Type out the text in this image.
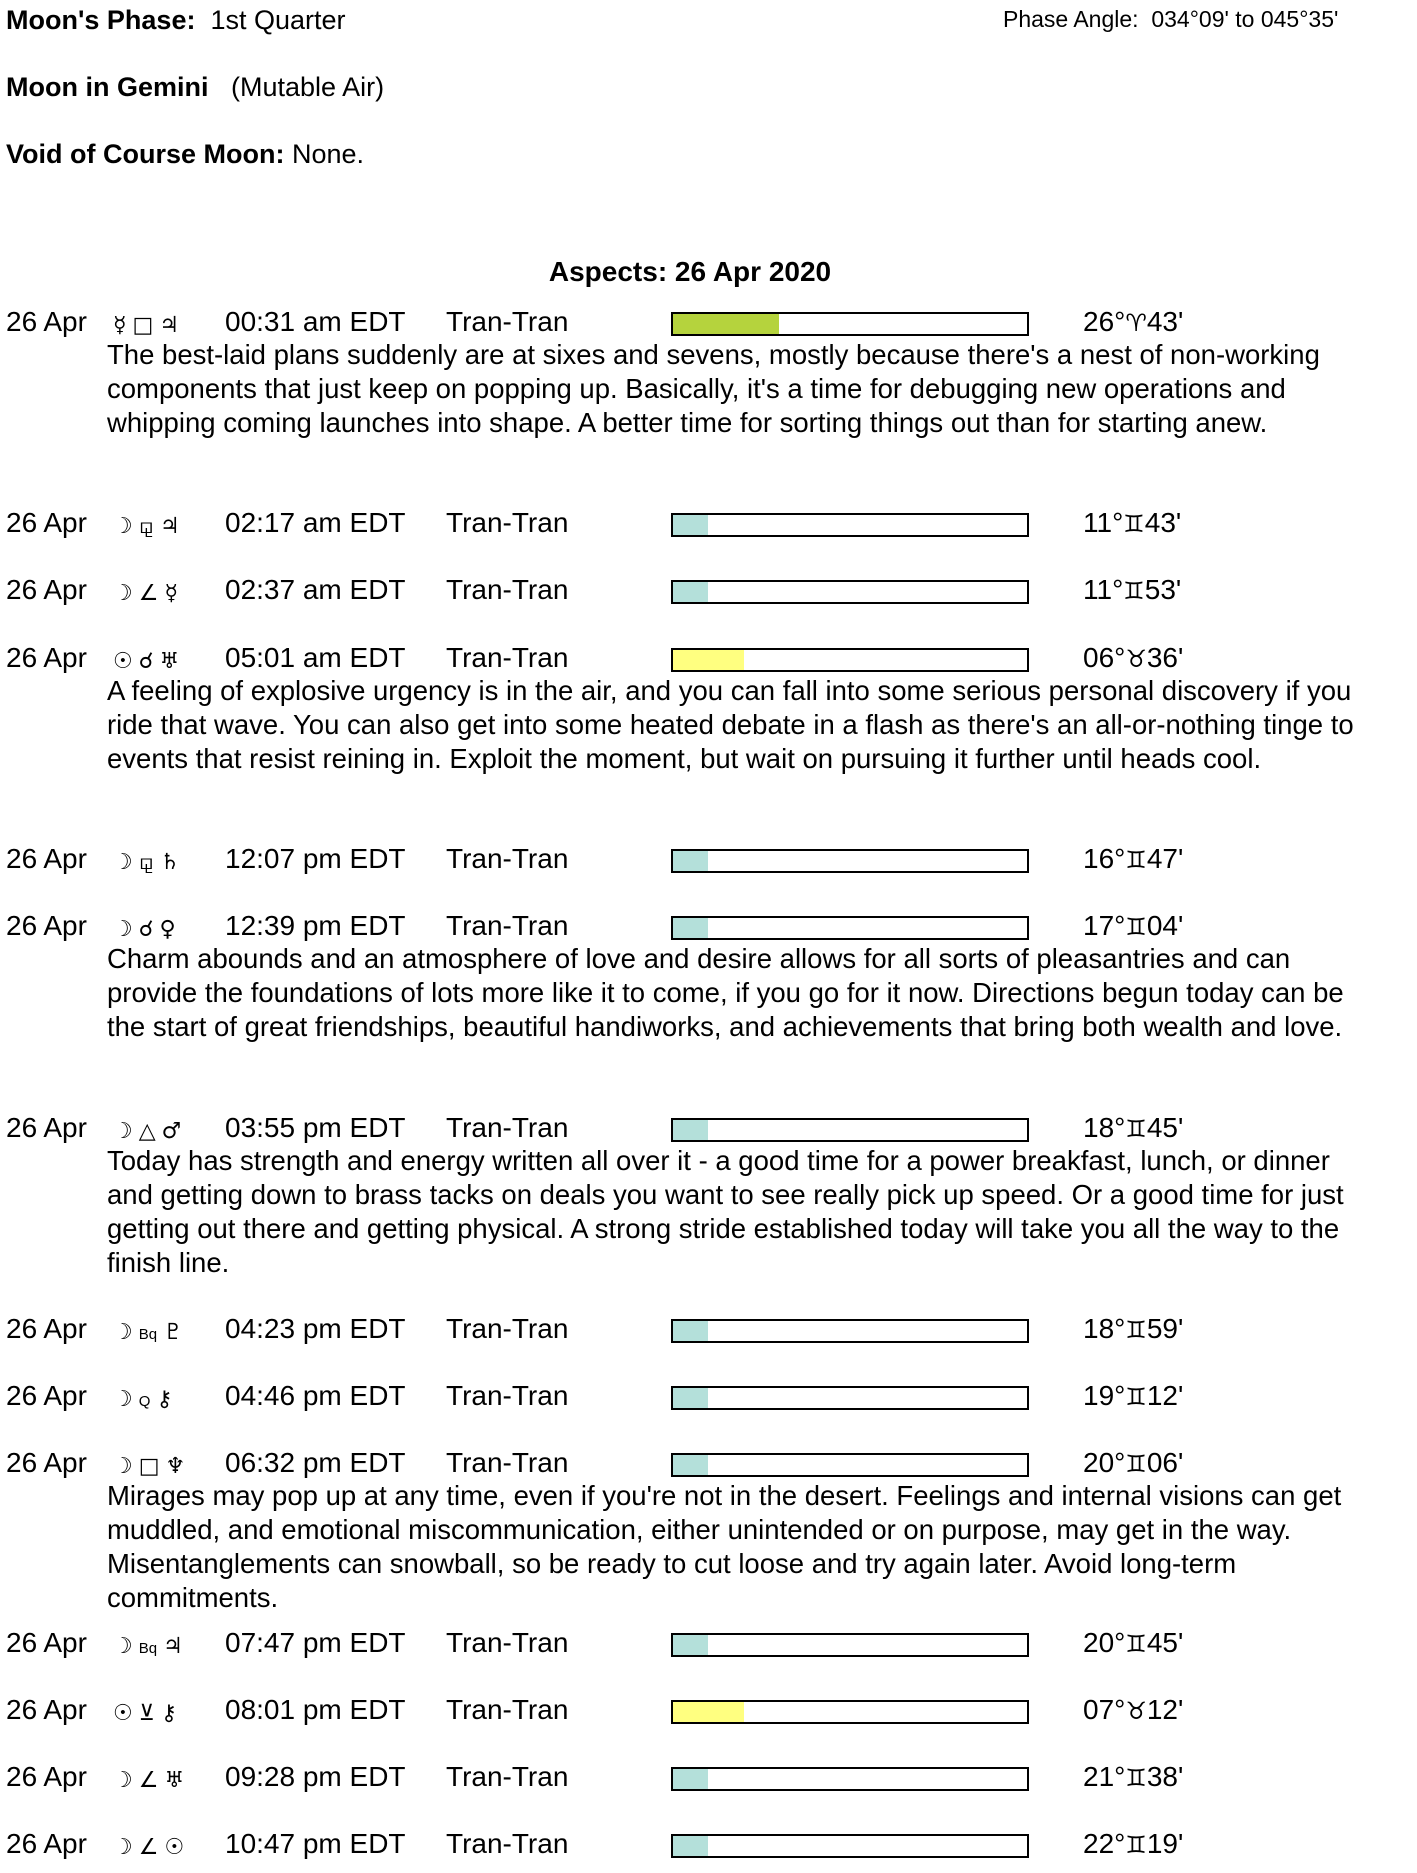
Moon's Phase: 1st Quarter	Phase Angle: 034°09' to 045°35'
Moon in Gemini (Mutable Air)
Void of Course Moon: None.
Aspects: 26 Apr 2020
26 Apr ☿ □ ♃ 00:31 am EDT Tran-Tran	26°♈43'
The best-laid plans suddenly are at sixes and sevens, mostly because there's a nest of non-working components that just keep on popping up. Basically, it's a time for debugging new operations and whipping coming launches into shape. A better time for sorting things out than for starting anew.
26 Apr ☽ ⚼ ♃ 02:17 am EDT Tran-Tran	11°♊43'
26 Apr ☽ ∠ ☿ 02:37 am EDT Tran-Tran	11°♊53'
26 Apr ☉ ☌ ♅ 05:01 am EDT Tran-Tran	06°♉36'
A feeling of explosive urgency is in the air, and you can fall into some serious personal discovery if you ride that wave. You can also get into some heated debate in a flash as there's an all-or-nothing tinge to events that resist reining in. Exploit the moment, but wait on pursuing it further until heads cool.
26 Apr ☽ ⚼ ♄ 12:07 pm EDT Tran-Tran	16°♊47'
26 Apr ☽ ☌ ♀ 12:39 pm EDT Tran-Tran	17°♊04'
Charm abounds and an atmosphere of love and desire allows for all sorts of pleasantries and can provide the foundations of lots more like it to come, if you go for it now. Directions begun today can be the start of great friendships, beautiful handiworks, and achievements that bring both wealth and love.
26 Apr ☽ △ ♂ 03:55 pm EDT Tran-Tran	18°♊45'
Today has strength and energy written all over it - a good time for a power breakfast, lunch, or dinner and getting down to brass tacks on deals you want to see really pick up speed. Or a good time for just getting out there and getting physical. A strong stride established today will take you all the way to the finish line.
26 Apr ☽ Bq ♇ 04:23 pm EDT Tran-Tran	18°♊59'
26 Apr ☽ Q ⚷ 04:46 pm EDT Tran-Tran	19°♊12'
26 Apr ☽ □ ♆ 06:32 pm EDT Tran-Tran	20°♊06'
Mirages may pop up at any time, even if you're not in the desert. Feelings and internal visions can get muddled, and emotional miscommunication, either unintended or on purpose, may get in the way. Misentanglements can snowball, so be ready to cut loose and try again later. Avoid long-term commitments.
26 Apr ☽ Bq ♃ 07:47 pm EDT Tran-Tran	20°♊45'
26 Apr ☉ ⊻ ⚷ 08:01 pm EDT Tran-Tran	07°♉12'
26 Apr ☽ ∠ ♅ 09:28 pm EDT Tran-Tran	21°♊38'
26 Apr ☽ ∠ ☉ 10:47 pm EDT Tran-Tran	22°♊19'
